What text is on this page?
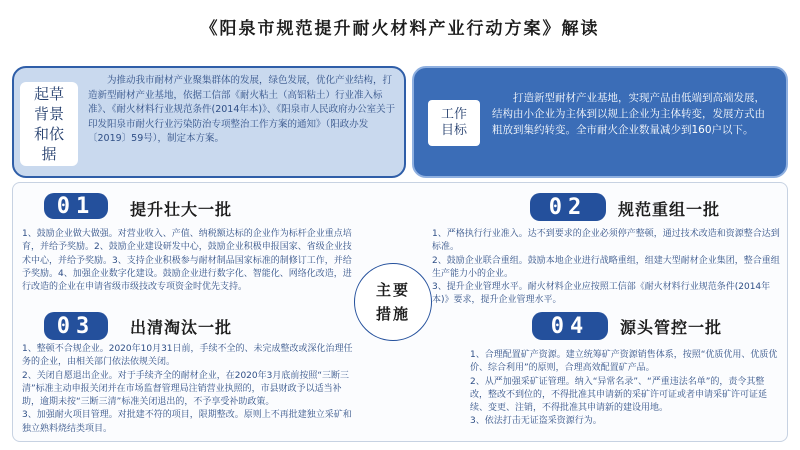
《阳泉市规范提升耐火材料产业行动方案》解读
起草
背景
和依
据
为推动我市耐材产业聚集群体的发展，绿色发展，优化产业结构，打造新型耐材产业基地，依据工信部《耐火粘土（高铝粘土）行业准入标准》、《耐火材料行业规范条件(2014年本)》、《阳泉市人民政府办公室关于印发阳泉市耐火行业污染防治专项整治工作方案的通知》（阳政办发〔2019〕59号），制定本方案。
工作
目标
打造新型耐材产业基地，实现产品由低端到高端发展，结构由小企业为主体到以规上企业为主体转变，发展方式由粗放到集约转变。全市耐火企业数量减少到160户以下。
01	提升壮大一批
1、鼓励企业做大做强。对营业收入、产值、纳税额达标的企业作为标杆企业重点培育，并给予奖励。2、鼓励企业建设研发中心，鼓励企业积极申报国家、省级企业技术中心，并给予奖励。3、支持企业积极参与耐材制品国家标准的制修订工作，并给予奖励。4、加强企业数字化建设。鼓励企业进行数字化、智能化、网络化改造，进行改造的企业在申请省级市级技改专项资金时优先支持。
02	规范重组一批

1、严格执行行业准入。达不到要求的企业必须停产整顿，通过技术改造和资源整合达到标准。

2、鼓励企业联合重组。鼓励本地企业进行战略重组，组建大型耐材企业集团，整合重组生产能力小的企业。

3、提升企业管理水平。耐火材料企业应按照工信部《耐火材料行业规范条件(2014年本)》要求，提升企业管理水平。

主要
措施
03	出清淘汰一批

1、整顿不合规企业。2020年10月31日前，手续不全的、未完成整改或深化治理任务的企业，由相关部门依法依规关闭。

2、关闭自愿退出企业。对于手续齐全的耐材企业，在2020年3月底前按照“三断三清”标准主动申报关闭并在市场监督管理局注销营业执照的，市县财政予以适当补助，逾期未按“三断三清”标准关闭退出的，不予享受补助政策。

3、加强耐火项目管理。对批建不符的项目，限期整改。原则上不再批建独立采矿和独立熟料烧结类项目。

04	源头管控一批

1、合理配置矿产资源。建立统筹矿产资源销售体系，按照“优质优用、优质优价、综合利用”的原则，合理高效配置矿产品。

2、从严加强采矿证管理。纳入“异常名录”、“严重违法名单”的，责令其整改，整改不到位的，不得批准其申请新的采矿许可证或者申请采矿许可证延续、变更、注销，不得批准其申请新的建设用地。

3、依法打击无证盗采资源行为。
